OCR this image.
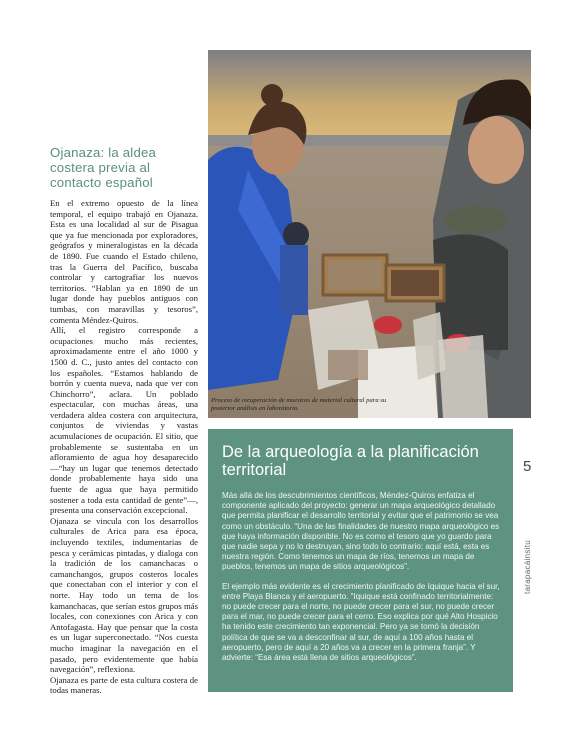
Ojanaza: la aldea costera previa al contacto español

En el extremo opuesto de la línea temporal, el equipo trabajó en Ojanaza. Esta es una localidad al sur de Pisagua que ya fue mencionada por exploradores, geógrafos y mineralogistas en la década de 1890. Fue cuando el Estado chileno, tras la Guerra del Pacífico, buscaba controlar y cartografiar los nuevos territorios. “Hablan ya en 1890 de un lugar donde hay pueblos antiguos con tumbas, con maravillas y tesoros”, comenta Méndez-Quiros.

Allí, el registro corresponde a ocupaciones mucho más recientes, aproximadamente entre el año 1000 y 1500 d. C., justo antes del contacto con los españoles. “Estamos hablando de borrón y cuenta nueva, nada que ver con Chinchorro”, aclara. Un poblado espectacular, con muchas áreas, una verdadera aldea costera con arquitectura, conjuntos de viviendas y vastas acumulaciones de ocupación. El sitio, que probablemente se sustentaba en un afloramiento de agua hoy desaparecido —“hay un lugar que tenemos detectado donde probablemente haya sido una fuente de agua que haya permitido sostener a toda esta cantidad de gente”—, presenta una conservación excepcional.

Ojanaza se vincula con los desarrollos culturales de Arica para esa época, incluyendo textiles, indumentarias de pesca y cerámicas pintadas, y dialoga con la tradición de los camanchacas o camanchangos, grupos costeros locales que conectaban con el interior y con el norte. Hay todo un tema de los kamanchacas, que serían estos grupos más locales, con conexiones con Arica y con Antofagasta. Hay que pensar que la costa es un lugar superconectado. “Nos cuesta mucho imaginar la navegación en el pasado, pero evidentemente que había navegación”, reflexiona.

Ojanaza es parte de esta cultura costera de todas maneras.

Proceso de recuperación de muestras de material cultural para su posterior análisis en laboratorio.
De la arqueología a la planificación territorial

Más allá de los descubrimientos científicos, Méndez-Quiros enfatiza el componente aplicado del proyecto: generar un mapa arqueológico detallado que permita planificar el desarrollo territorial y evitar que el patrimonio se vea como un obstáculo. “Una de las finalidades de nuestro mapa arqueológico es que haya información disponible. No es como el tesoro que yo guardo para que nadie sepa y no lo destruyan, sino todo lo contrario: aquí está, esta es nuestra región. Como tenemos un mapa de ríos, tenemos un mapa de pueblos, tenemos un mapa de sitios arqueológicos”.

El ejemplo más evidente es el crecimiento planificado de Iquique hacia el sur, entre Playa Blanca y el aeropuerto. “Iquique está confinado territorialmente: no puede crecer para el norte, no puede crecer para el sur, no puede crecer para el mar, no puede crecer para el cerro. Eso explica por qué Alto Hospicio ha tenido este crecimiento tan exponencial. Pero ya se tomó la decisión política de que se va a desconfinar al sur, de aquí a 100 años hasta el aeropuerto, pero de aquí a 20 años va a crecer en la primera franja”. Y advierte: “Esa área está llena de sitios arqueológicos”.

5
tarapacáinsitu
